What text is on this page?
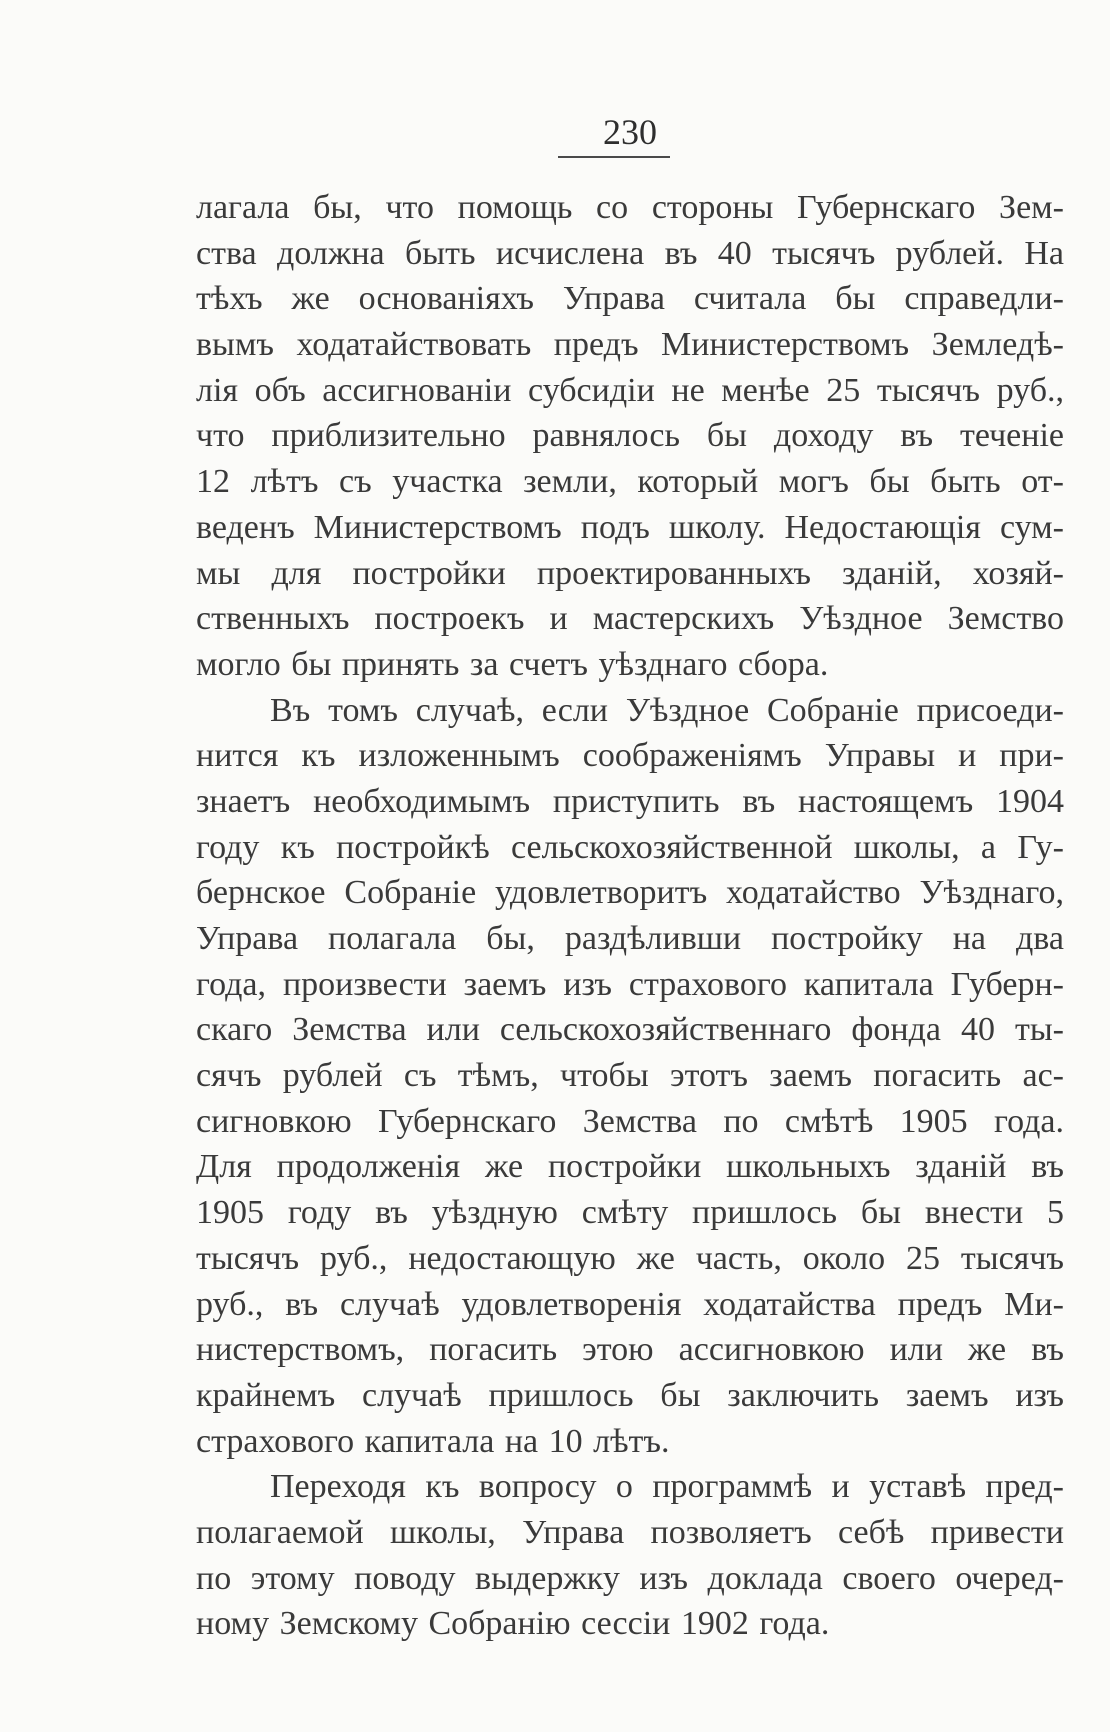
230
лагала бы, что помощь со стороны Губернскаго Зем-
ства должна быть исчислена въ 40 тысячъ рублей. На
тѣхъ же основаніяхъ Управа считала бы справедли-
вымъ ходатайствовать предъ Министерствомъ Земледѣ-
лія объ ассигнованіи субсидіи не менѣе 25 тысячъ руб.,
что приблизительно равнялось бы доходу въ теченіе
12 лѣтъ съ участка земли, который могъ бы быть от-
веденъ Министерствомъ подъ школу. Недостающія сум-
мы для постройки проектированныхъ зданій, хозяй-
ственныхъ построекъ и мастерскихъ Уѣздное Земство
могло бы принять за счетъ уѣзднаго сбора.
Въ томъ случаѣ, если Уѣздное Собраніе присоеди-
нится къ изложеннымъ соображеніямъ Управы и при-
знаетъ необходимымъ приступить въ настоящемъ 1904
году къ постройкѣ сельскохозяйственной школы, а Гу-
бернское Собраніе удовлетворитъ ходатайство Уѣзднаго,
Управа полагала бы, раздѣливши постройку на два
года, произвести заемъ изъ страхового капитала Губерн-
скаго Земства или сельскохозяйственнаго фонда 40 ты-
сячъ рублей съ тѣмъ, чтобы этотъ заемъ погасить ас-
сигновкою Губернскаго Земства по смѣтѣ 1905 года.
Для продолженія же постройки школьныхъ зданій въ
1905 году въ уѣздную смѣту пришлось бы внести 5
тысячъ руб., недостающую же часть, около 25 тысячъ
руб., въ случаѣ удовлетворенія ходатайства предъ Ми-
нистерствомъ, погасить этою ассигновкою или же въ
крайнемъ случаѣ пришлось бы заключить заемъ изъ
страхового капитала на 10 лѣтъ.
Переходя къ вопросу о программѣ и уставѣ пред-
полагаемой школы, Управа позволяетъ себѣ привести
по этому поводу выдержку изъ доклада своего очеред-
ному Земскому Собранію сессіи 1902 года.
